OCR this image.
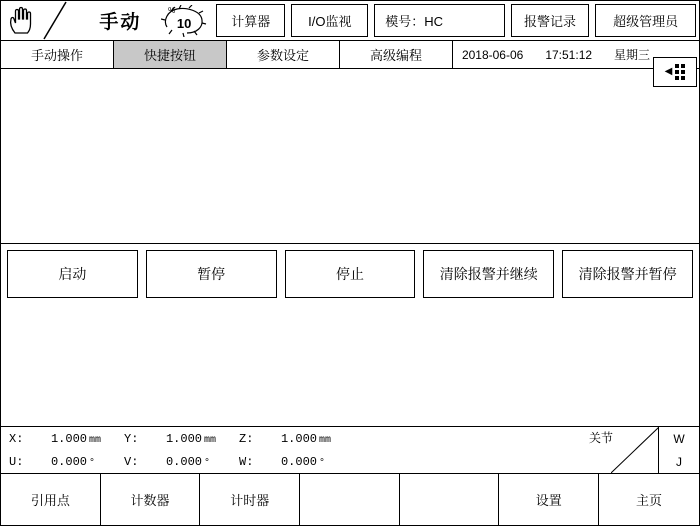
手动
%
10	计算器	I/O监视	模号：HC	报警记录	超级管理员
手动操作	快捷按钮	参数设定	高级编程	2018-06-06 17:51:12 星期三
◀
启动	暂停	停止	清除报警并继续	清除报警并暂停
X:	1.000 mm Y:	1.000 mm Z:	1.000 mm
U:	0.000 ° V:	0.000 ° W:	0.000 °
关节	W
J
引用点	计数器	计时器	设置	主页
